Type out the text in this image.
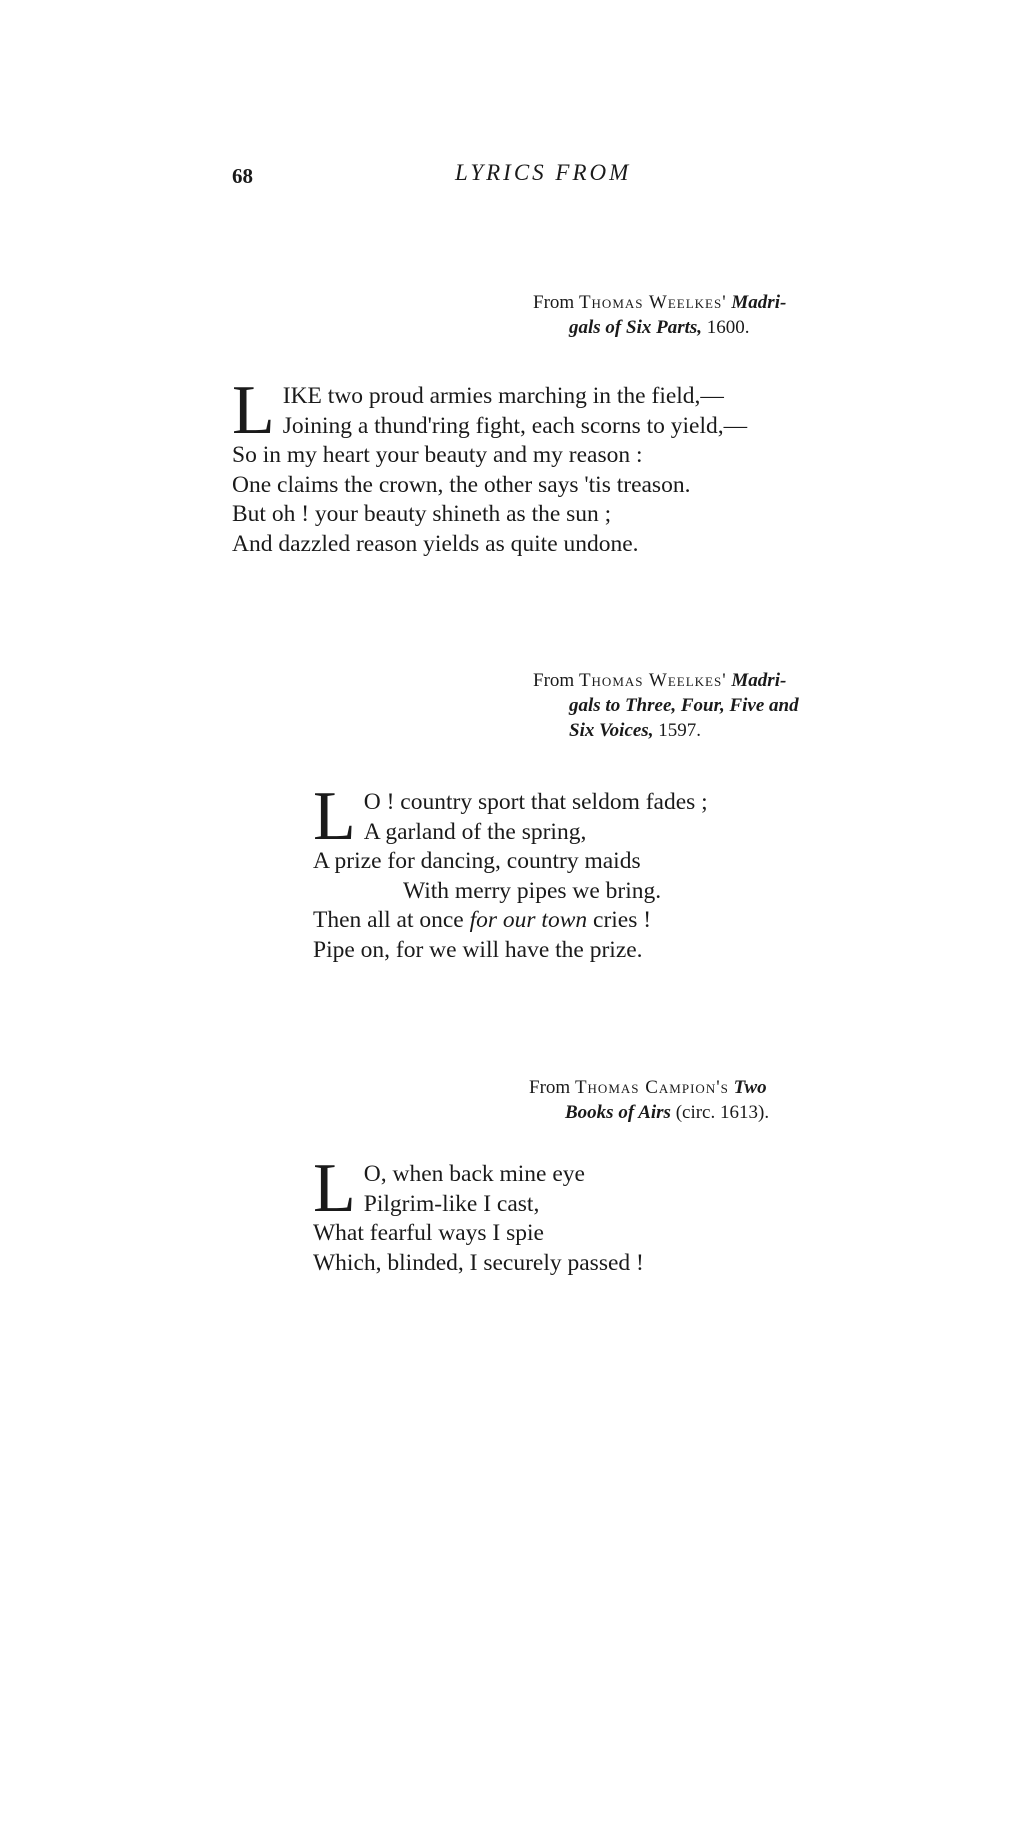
68	LYRICS FROM
From Thomas Weelkes' Madri-
gals of Six Parts, 1600.
L IKE two proud armies marching in the field,—
Joining a thund'ring fight, each scorns to yield,—
So in my heart your beauty and my reason :
One claims the crown, the other says 'tis treason.
But oh ! your beauty shineth as the sun ;
And dazzled reason yields as quite undone.
From Thomas Weelkes' Madri-
gals to Three, Four, Five and
Six Voices, 1597.
L O ! country sport that seldom fades ;
A garland of the spring,
A prize for dancing, country maids
With merry pipes we bring.
Then all at once for our town cries !
Pipe on, for we will have the prize.
From Thomas Campion's Two
Books of Airs (circ. 1613).
L O, when back mine eye
Pilgrim-like I cast,
What fearful ways I spie
Which, blinded, I securely passed !
